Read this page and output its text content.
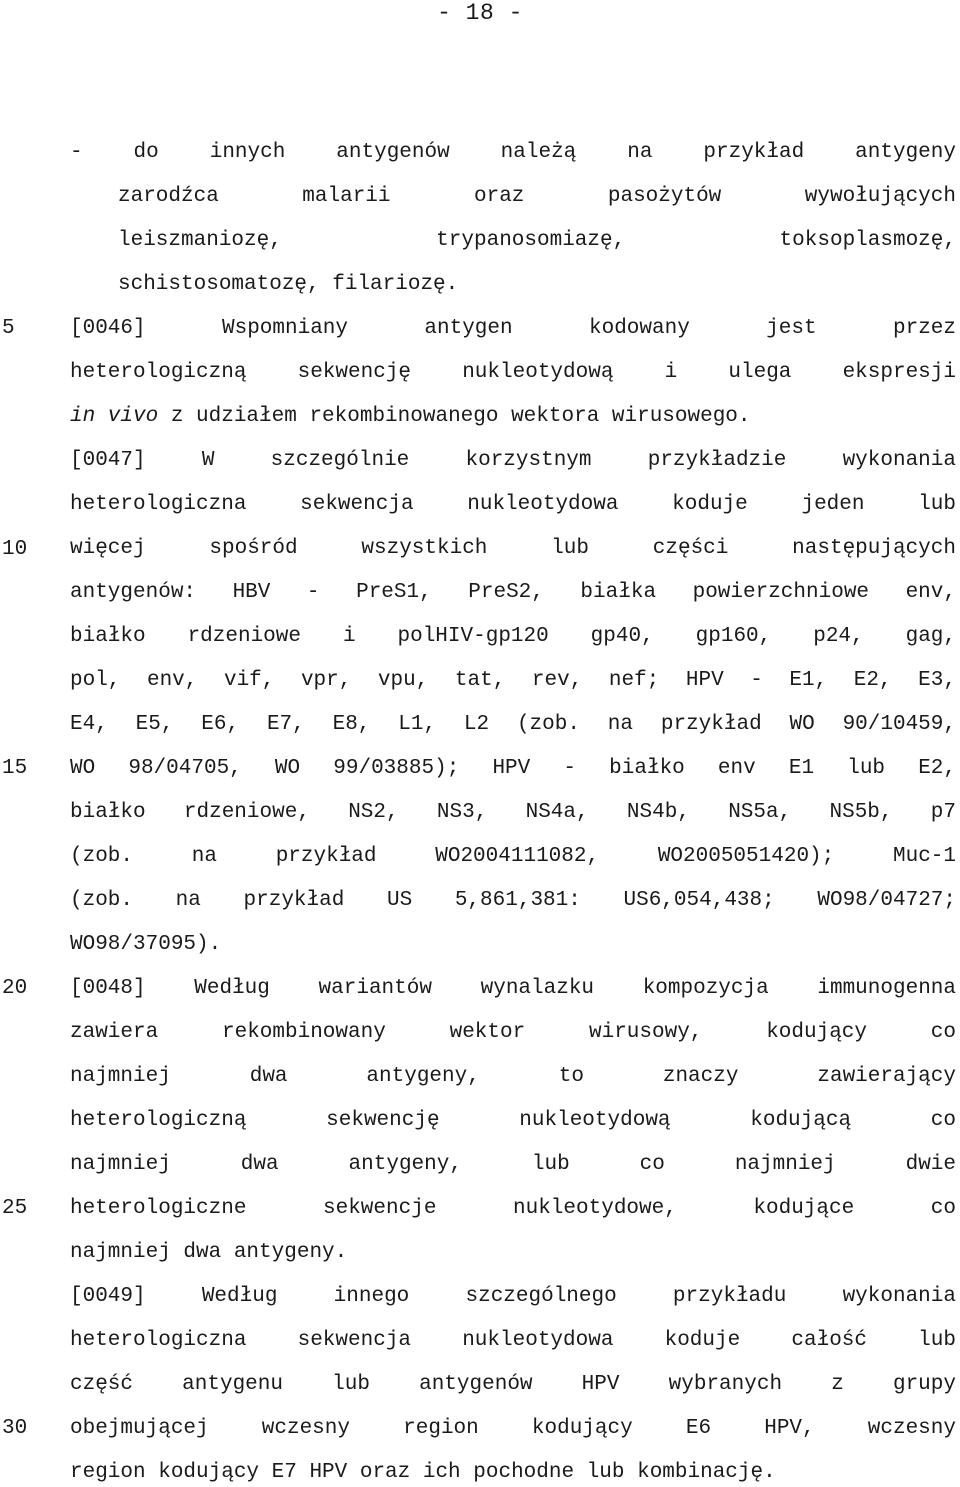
- 18 -
5
10
15
20
25
30
- do innych antygenów należą na przykład antygeny
zarodźca malarii oraz pasożytów wywołujących
leiszmaniozę, trypanosomiazę, toksoplasmozę,
schistosomatozę, filariozę.
[0046] Wspomniany antygen kodowany jest przez
heterologiczną sekwencję nukleotydową i ulega ekspresji
in vivo z udziałem rekombinowanego wektora wirusowego.
[0047] W szczególnie korzystnym przykładzie wykonania
heterologiczna sekwencja nukleotydowa koduje jeden lub
więcej spośród wszystkich lub części następujących
antygenów: HBV - PreS1, PreS2, białka powierzchniowe env,
białko rdzeniowe i polHIV-gp120 gp40, gp160, p24, gag,
pol, env, vif, vpr, vpu, tat, rev, nef; HPV - E1, E2, E3,
E4, E5, E6, E7, E8, L1, L2 (zob. na przykład WO 90/10459,
WO 98/04705, WO 99/03885); HPV - białko env E1 lub E2,
białko rdzeniowe, NS2, NS3, NS4a, NS4b, NS5a, NS5b, p7
(zob. na przykład WO2004111082, WO2005051420); Muc-1
(zob. na przykład US 5,861,381: US6,054,438; WO98/04727;
WO98/37095).
[0048] Według wariantów wynalazku kompozycja immunogenna
zawiera rekombinowany wektor wirusowy, kodujący co
najmniej dwa antygeny, to znaczy zawierający
heterologiczną sekwencję nukleotydową kodującą co
najmniej dwa antygeny, lub co najmniej dwie
heterologiczne sekwencje nukleotydowe, kodujące co
najmniej dwa antygeny.
[0049] Według innego szczególnego przykładu wykonania
heterologiczna sekwencja nukleotydowa koduje całość lub
część antygenu lub antygenów HPV wybranych z grupy
obejmującej wczesny region kodujący E6 HPV, wczesny
region kodujący E7 HPV oraz ich pochodne lub kombinację.
